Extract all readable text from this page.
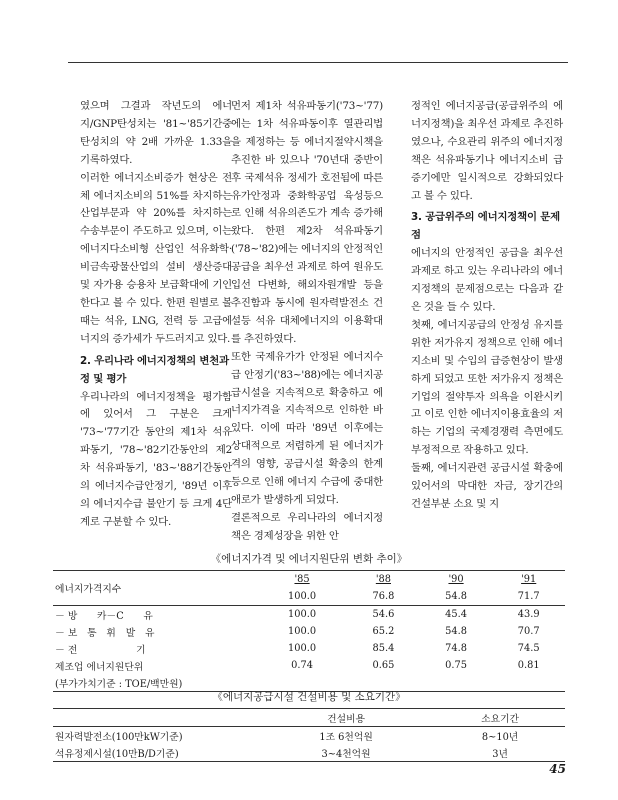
였으며 그결과 작년도의 에너지/GNP탄성치는 '81~'85기간중 탄성치의 약 2배 가까운 1.33을 기록하였다.

이러한 에너지소비증가 현상은 전체 에너지소비의 51%를 차지하는 산업부문과 약 20%를 차지하는 수송부문이 주도하고 있으며, 이는 에너지다소비형 산업인 석유화학·비금속광물산업의 설비 생산증대 및 자가용 승용차 보급확대에 기인한다고 볼 수 있다. 한편 원별로 볼때는 석유, LNG, 전력 등 고급에너지의 증가세가 두드러지고 있다.

2. 우리나라 에너지정책의 변천과정 및 평가

우리나라의 에너지정책을 평가함에 있어서 그 구분은 크게 '73~'77기간 동안의 제1차 석유파동기, '78~'82기간동안의 제2차 석유파동기, '83~'88기간동안의 에너지수급안정기, '89년 이후의 에너지수급 불안기 등 크게 4단계로 구분할 수 있다.

먼저 제1차 석유파동기('73~'77)에는 1차 석유파동이후 열관리법을 제정하는 등 에너지절약시책을 추진한 바 있으나 '70년대 중반이후 국제석유 정세가 호전됨에 따른 유가안정과 중화학공업 육성등으로 인해 석유의존도가 계속 증가해 왔다. 한편 제2차 석유파동기('78~'82)에는 에너지의 안정적인 공급을 최우선 과제로 하여 원유도입선 다변화, 해외자원개발 등을 추진함과 동시에 원자력발전소 건설등 석유 대체에너지의 이용확대를 추진하였다.

또한 국제유가가 안정된 에너지수급 안정기('83~'88)에는 에너지공급시설을 지속적으로 확충하고 에너지가격을 지속적으로 인하한 바 있다. 이에 따라 '89년 이후에는 상대적으로 저렴하게 된 에너지가격의 영향, 공급시설 확충의 한계등으로 인해 에너지 수급에 중대한 애로가 발생하게 되었다.

결론적으로 우리나라의 에너지정책은 경제성장을 위한 안

정적인 에너지공급(공급위주의 에너지정책)을 최우선 과제로 추진하였으나, 수요관리 위주의 에너지정책은 석유파동기나 에너지소비 급증기에만 일시적으로 강화되었다고 볼 수 있다.

3. 공급위주의 에너지정책이 문제점

에너지의 안정적인 공급을 최우선 과제로 하고 있는 우리나라의 에너지정책의 문제점으로는 다음과 같은 것을 들 수 있다.

첫째, 에너지공급의 안정성 유지를 위한 저가유지 정책으로 인해 에너지소비 및 수입의 급증현상이 발생하게 되었고 또한 저가유지 정책은 기업의 절약투자 의욕을 이완시키고 이로 인한 에너지이용효율의 저하는 기업의 국제경쟁력 측면에도 부정적으로 작용하고 있다.

둘째, 에너지관련 공급시설 확충에 있어서의 막대한 자금, 장기간의 건설부분 소요 및 지

《에너지가격 및 에너지원단위 변화 추이》
에너지가격지수	'85	'88	'90	'91
	100.0	76.8	54.8	71.7
－ 방　　카－C　　유	100.0	54.6	45.4	43.9
－ 보　통　휘　발　유	100.0	65.2	54.8	70.7
－ 전　　　　　　기	100.0	85.4	74.8	74.5
제조업 에너지원단위	0.74	0.65	0.75	0.81
(부가가치기준 : TOE/백만원)				
《에너지공급시설 건설비용 및 소요기간》
	건설비용	소요기간
원자력발전소(100만kW기준)	1조 6천억원	8~10년
석유정제시설(10만B/D기준)	3~4천억원	3년
45
